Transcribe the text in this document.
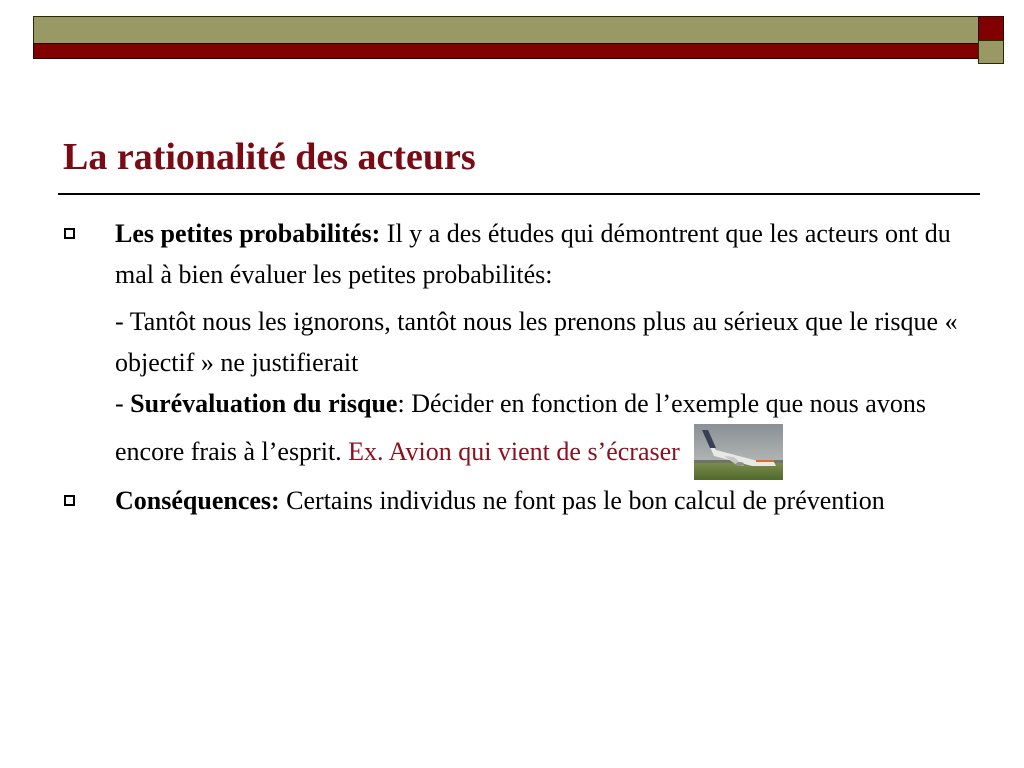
La rationalité des acteurs

Les petites probabilités: Il y a des études qui démontrent que les acteurs ont du mal à bien évaluer les petites probabilités:

- Tantôt nous les ignorons, tantôt nous les prenons plus au sérieux que le risque « objectif » ne justifierait

- Surévaluation du risque: Décider en fonction de l’exemple que nous avons encore frais à l’esprit. Ex. Avion qui vient de s’écraser

Conséquences: Certains individus ne font pas le bon calcul de prévention
